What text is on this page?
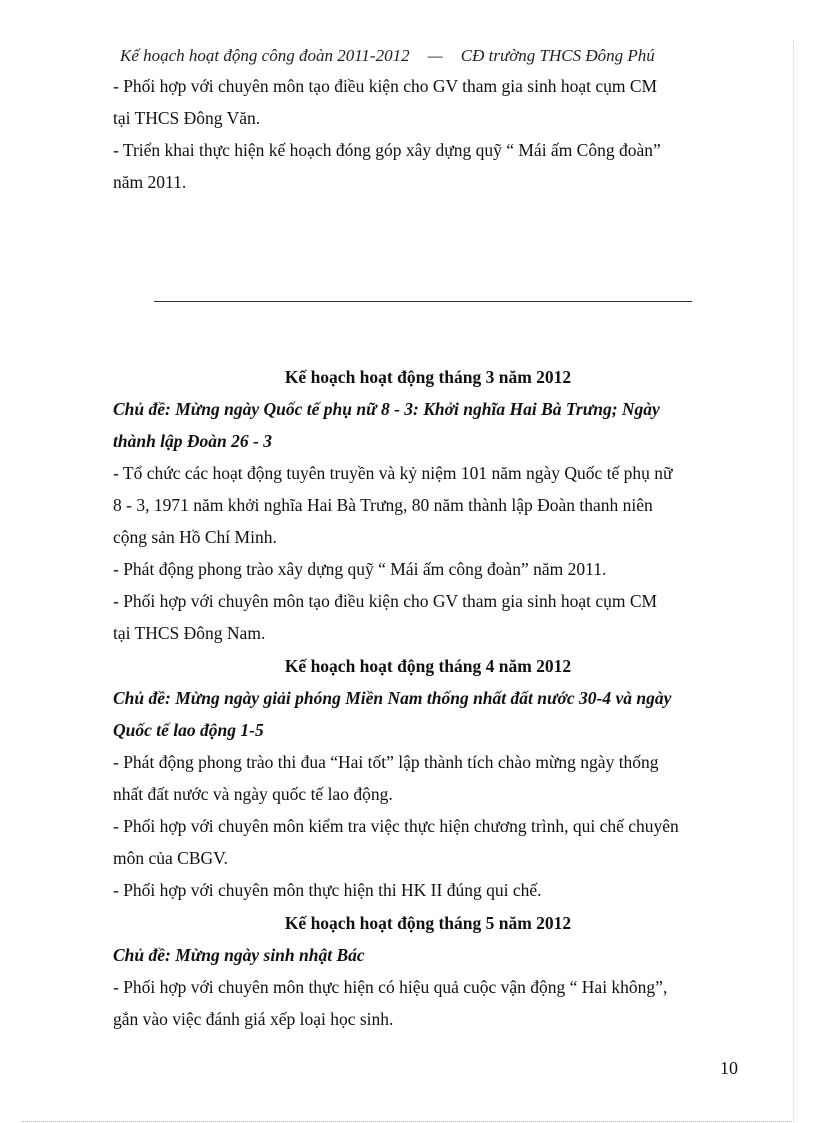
Kế hoạch hoạt động công đoàn 2011-2012 — CĐ trường THCS Đông Phú

- Phối hợp với chuyên môn tạo điều kiện cho GV tham gia sinh hoạt cụm CM

tại THCS Đông Văn.

- Triển khai thực hiện kế hoạch đóng góp xây dựng quỹ “ Mái ấm Công đoàn”

năm 2011.

Kế hoạch hoạt động tháng 3 năm 2012

Chủ đề: Mừng ngày Quốc tế phụ nữ 8 - 3: Khởi nghĩa Hai Bà Trưng; Ngày

thành lập Đoàn 26 - 3

- Tổ chức các hoạt động tuyên truyền và kỷ niệm 101 năm ngày Quốc tế phụ nữ

8 - 3, 1971 năm khởi nghĩa Hai Bà Trưng, 80 năm thành lập Đoàn thanh niên

cộng sản Hồ Chí Minh.

- Phát động phong trào xây dựng quỹ “ Mái ấm công đoàn” năm 2011.

- Phối hợp với chuyên môn tạo điều kiện cho GV tham gia sinh hoạt cụm CM

tại THCS Đông Nam.

Kế hoạch hoạt động tháng 4 năm 2012

Chủ đề: Mừng ngày giải phóng Miền Nam thống nhất đất nước 30-4 và ngày

Quốc tế lao động 1-5

- Phát động phong trào thi đua “Hai tốt” lập thành tích chào mừng ngày thống

nhất đất nước và ngày quốc tế lao động.

- Phối hợp với chuyên môn kiểm tra việc thực hiện chương trình, qui chế chuyên

môn của CBGV.

- Phối hợp với chuyên môn thực hiện thi HK II đúng qui chế.

Kế hoạch hoạt động tháng 5 năm 2012

Chủ đề: Mừng ngày sinh nhật Bác

- Phối hợp với chuyên môn thực hiện có hiệu quả cuộc vận động “ Hai không”,

gắn vào việc đánh giá xếp loại học sinh.

10
